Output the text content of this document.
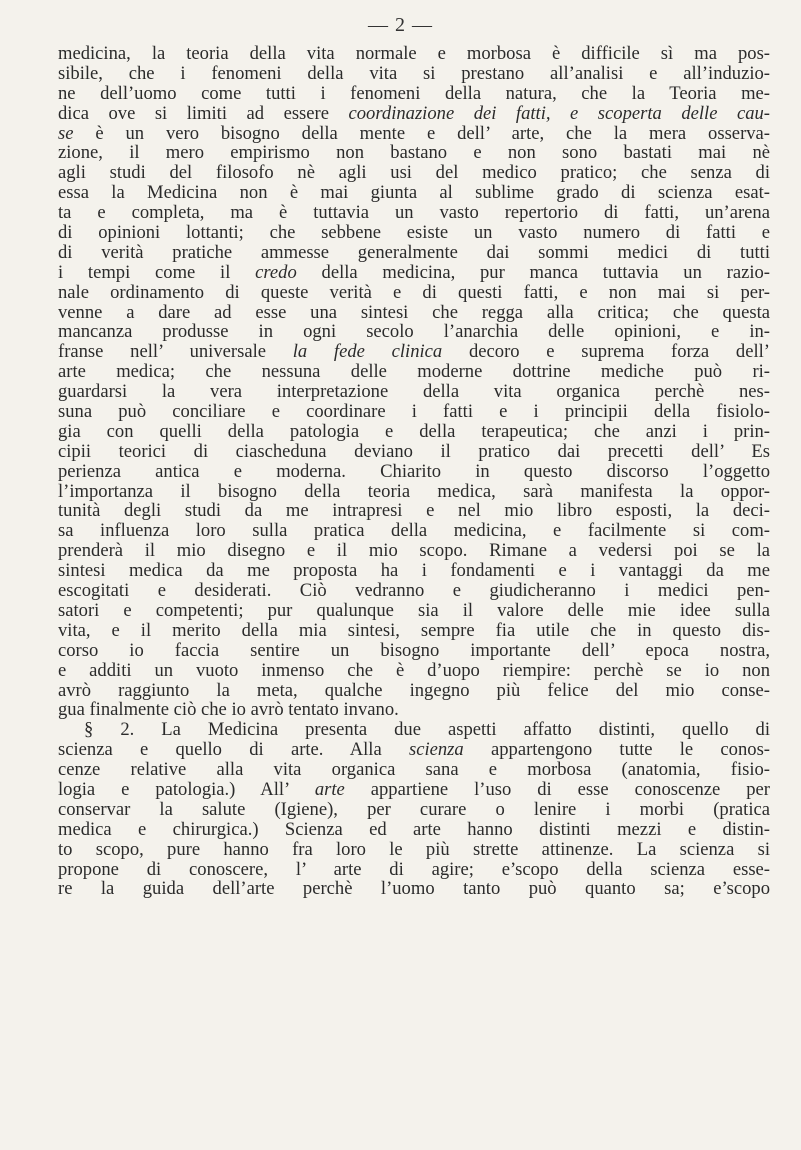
— 2 —
medicina, la teoria della vita normale e morbosa è difficile sì ma pos-
sibile, che i fenomeni della vita si prestano all’analisi e all’induzio-
ne dell’uomo come tutti i fenomeni della natura, che la Teoria me-
dica ove si limiti ad essere coordinazione dei fatti, e scoperta delle cau-
se è un vero bisogno della mente e dell’ arte, che la mera osserva-
zione, il mero empirismo non bastano e non sono bastati mai nè
agli studi del filosofo nè agli usi del medico pratico; che senza di
essa la Medicina non è mai giunta al sublime grado di scienza esat-
ta e completa, ma è tuttavia un vasto repertorio di fatti, un’arena
di opinioni lottanti; che sebbene esiste un vasto numero di fatti e
di verità pratiche ammesse generalmente dai sommi medici di tutti
i tempi come il credo della medicina, pur manca tuttavia un razio-
nale ordinamento di queste verità e di questi fatti, e non mai si per-
venne a dare ad esse una sintesi che regga alla critica; che questa
mancanza produsse in ogni secolo l’anarchia delle opinioni, e in-
franse nell’ universale la fede clinica decoro e suprema forza dell’
arte medica; che nessuna delle moderne dottrine mediche può ri-
guardarsi la vera interpretazione della vita organica perchè nes-
suna può conciliare e coordinare i fatti e i principii della fisiolo-
gia con quelli della patologia e della terapeutica; che anzi i prin-
cipii teorici di ciascheduna deviano il pratico dai precetti dell’ Es
perienza antica e moderna. Chiarito in questo discorso l’oggetto
l’importanza il bisogno della teoria medica, sarà manifesta la oppor-
tunità degli studi da me intrapresi e nel mio libro esposti, la deci-
sa influenza loro sulla pratica della medicina, e facilmente si com-
prenderà il mio disegno e il mio scopo. Rimane a vedersi poi se la
sintesi medica da me proposta ha i fondamenti e i vantaggi da me
escogitati e desiderati. Ciò vedranno e giudicheranno i medici pen-
satori e competenti; pur qualunque sia il valore delle mie idee sulla
vita, e il merito della mia sintesi, sempre fia utile che in questo dis-
corso io faccia sentire un bisogno importante dell’ epoca nostra,
e additi un vuoto inmenso che è d’uopo riempire: perchè se io non
avrò raggiunto la meta, qualche ingegno più felice del mio conse-
gua finalmente ciò che io avrò tentato invano.
§ 2. La Medicina presenta due aspetti affatto distinti, quello di
scienza e quello di arte. Alla scienza appartengono tutte le conos-
cenze relative alla vita organica sana e morbosa (anatomia, fisio-
logia e patologia.) All’ arte appartiene l’uso di esse conoscenze per
conservar la salute (Igiene), per curare o lenire i morbi (pratica
medica e chirurgica.) Scienza ed arte hanno distinti mezzi e distin-
to scopo, pure hanno fra loro le più strette attinenze. La scienza si
propone di conoscere, l’ arte di agire; e’scopo della scienza esse-
re la guida dell’arte perchè l’uomo tanto può quanto sa; e’scopo
